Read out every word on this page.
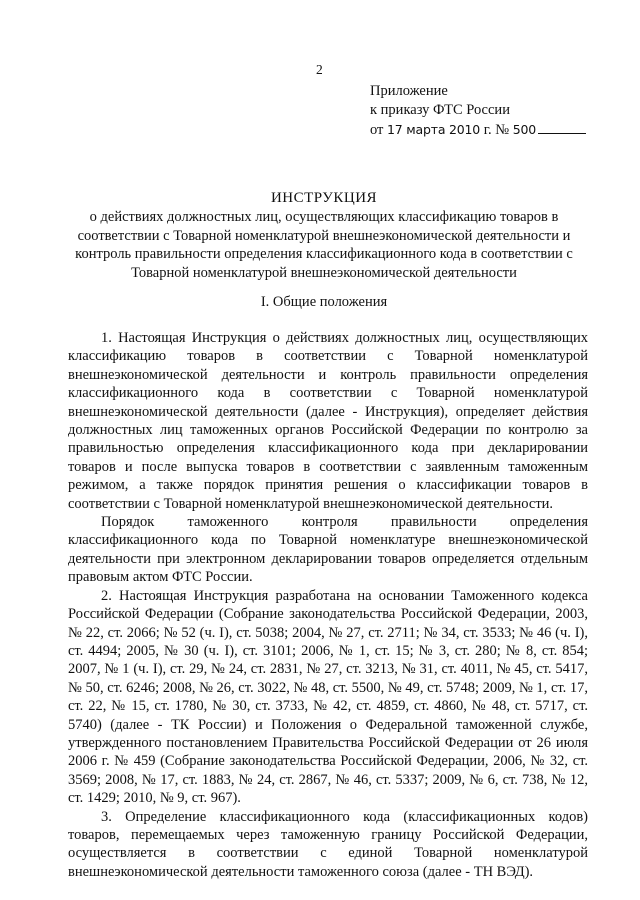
2
Приложение
к приказу ФТС России
от 17 марта 2010 г. № 500
ИНСТРУКЦИЯ
о действиях должностных лиц, осуществляющих классификацию товаров в соответствии с Товарной номенклатурой внешнеэкономической деятельности и контроль правильности определения классификационного кода в соответствии с Товарной номенклатурой внешнеэкономической деятельности
I. Общие положения

1. Настоящая Инструкция о действиях должностных лиц, осуществляющих классификацию товаров в соответствии с Товарной номенклатурой внешнеэкономической деятельности и контроль правильности определения классификационного кода в соответствии с Товарной номенклатурой внешнеэкономической деятельности (далее - Инструкция), определяет действия должностных лиц таможенных органов Российской Федерации по контролю за правильностью определения классификационного кода при декларировании товаров и после выпуска товаров в соответствии с заявленным таможенным режимом, а также порядок принятия решения о классификации товаров в соответствии с Товарной номенклатурой внешнеэкономической деятельности.

Порядок таможенного контроля правильности определения классификационного кода по Товарной номенклатуре внешнеэкономической деятельности при электронном декларировании товаров определяется отдельным правовым актом ФТС России.

2. Настоящая Инструкция разработана на основании Таможенного кодекса Российской Федерации (Собрание законодательства Российской Федерации, 2003, № 22, ст. 2066; № 52 (ч. I), ст. 5038; 2004, № 27, ст. 2711; № 34, ст. 3533; № 46 (ч. I), ст. 4494; 2005, № 30 (ч. I), ст. 3101; 2006, № 1, ст. 15; № 3, ст. 280; № 8, ст. 854; 2007, № 1 (ч. I), ст. 29, № 24, ст. 2831, № 27, ст. 3213, № 31, ст. 4011, № 45, ст. 5417, № 50, ст. 6246; 2008, № 26, ст. 3022, № 48, ст. 5500, № 49, ст. 5748; 2009, № 1, ст. 17, ст. 22, № 15, ст. 1780, № 30, ст. 3733, № 42, ст. 4859, ст. 4860, № 48, ст. 5717, ст. 5740) (далее - ТК России) и Положения о Федеральной таможенной службе, утвержденного постановлением Правительства Российской Федерации от 26 июля 2006 г. № 459 (Собрание законодательства Российской Федерации, 2006, № 32, ст. 3569; 2008, № 17, ст. 1883, № 24, ст. 2867, № 46, ст. 5337; 2009, № 6, ст. 738, № 12, ст. 1429; 2010, № 9, ст. 967).

3. Определение классификационного кода (классификационных кодов) товаров, перемещаемых через таможенную границу Российской Федерации, осуществляется в соответствии с единой Товарной номенклатурой внешнеэкономической деятельности таможенного союза (далее - ТН ВЭД).
